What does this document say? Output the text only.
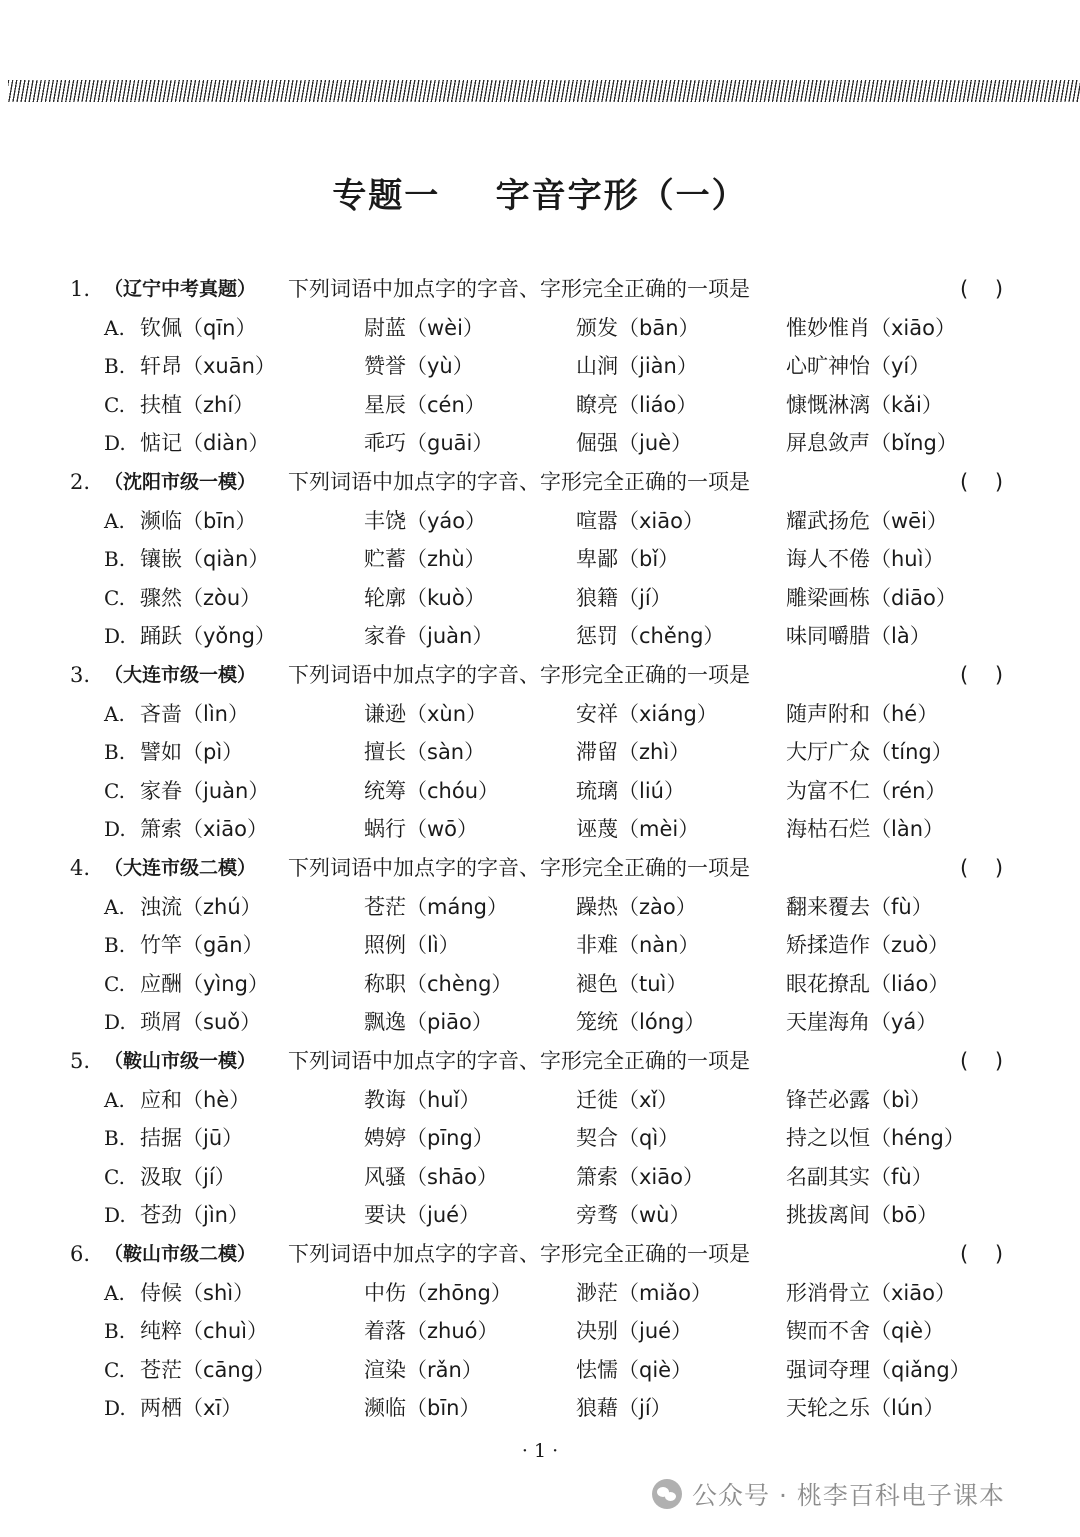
专题一    字音字形（一）
1. （辽宁中考真题） 下列词语中加点字的字音、字形完全正确的一项是	(    )
A. 钦佩（qīn）	尉蓝（wèi）	颁发（bān）	惟妙惟肖（xiāo）
B. 轩昂（xuān）	赞誉（yù）	山涧（jiàn）	心旷神怡（yí）
C. 扶植（zhí）	星辰（cén）	瞭亮（liáo）	慷慨淋漓（kǎi）
D. 惦记（diàn）	乖巧（guāi）	倔强（juè）	屏息敛声（bǐng）
2. （沈阳市级一模） 下列词语中加点字的字音、字形完全正确的一项是	(    )
A. 濒临（bīn）	丰饶（yáo）	喧嚣（xiāo）	耀武扬危（wēi）
B. 镶嵌（qiàn）	贮蓄（zhù）	卑鄙（bǐ）	诲人不倦（huì）
C. 骤然（zòu）	轮廓（kuò）	狼籍（jí）	雕梁画栋（diāo）
D. 踊跃（yǒng）	家眷（juàn）	惩罚（chěng）	味同嚼腊（là）
3. （大连市级一模） 下列词语中加点字的字音、字形完全正确的一项是	(    )
A. 吝啬（lìn）	谦逊（xùn）	安祥（xiáng）	随声附和（hé）
B. 譬如（pì）	擅长（sàn）	滞留（zhì）	大厅广众（tíng）
C. 家眷（juàn）	统筹（chóu）	琉璃（liú）	为富不仁（rén）
D. 箫索（xiāo）	蜗行（wō）	诬蔑（mèi）	海枯石烂（làn）
4. （大连市级二模） 下列词语中加点字的字音、字形完全正确的一项是	(    )
A. 浊流（zhú）	苍茫（máng）	躁热（zào）	翻来覆去（fù）
B. 竹竿（gān）	照例（lì）	非难（nàn）	矫揉造作（zuò）
C. 应酬（yìng）	称职（chèng）	褪色（tuì）	眼花撩乱（liáo）
D. 琐屑（suǒ）	飘逸（piāo）	笼统（lóng）	天崖海角（yá）
5. （鞍山市级一模） 下列词语中加点字的字音、字形完全正确的一项是	(    )
A. 应和（hè）	教诲（huǐ）	迁徙（xǐ）	锋芒必露（bì）
B. 拮据（jū）	娉婷（pīng）	契合（qì）	持之以恒（héng）
C. 汲取（jí）	风骚（shāo）	箫索（xiāo）	名副其实（fù）
D. 苍劲（jìn）	要诀（jué）	旁骛（wù）	挑拔离间（bō）
6. （鞍山市级二模） 下列词语中加点字的字音、字形完全正确的一项是	(    )
A. 侍候（shì）	中伤（zhōng）	渺茫（miǎo）	形消骨立（xiāo）
B. 纯粹（chuì）	着落（zhuó）	决别（jué）	锲而不舍（qiè）
C. 苍茫（cāng）	渲染（rǎn）	怯懦（qiè）	强词夺理（qiǎng）
D. 两栖（xī）	濒临（bīn）	狼藉（jí）	天轮之乐（lún）
· 1 ·
公众号 · 桃李百科电子课本
